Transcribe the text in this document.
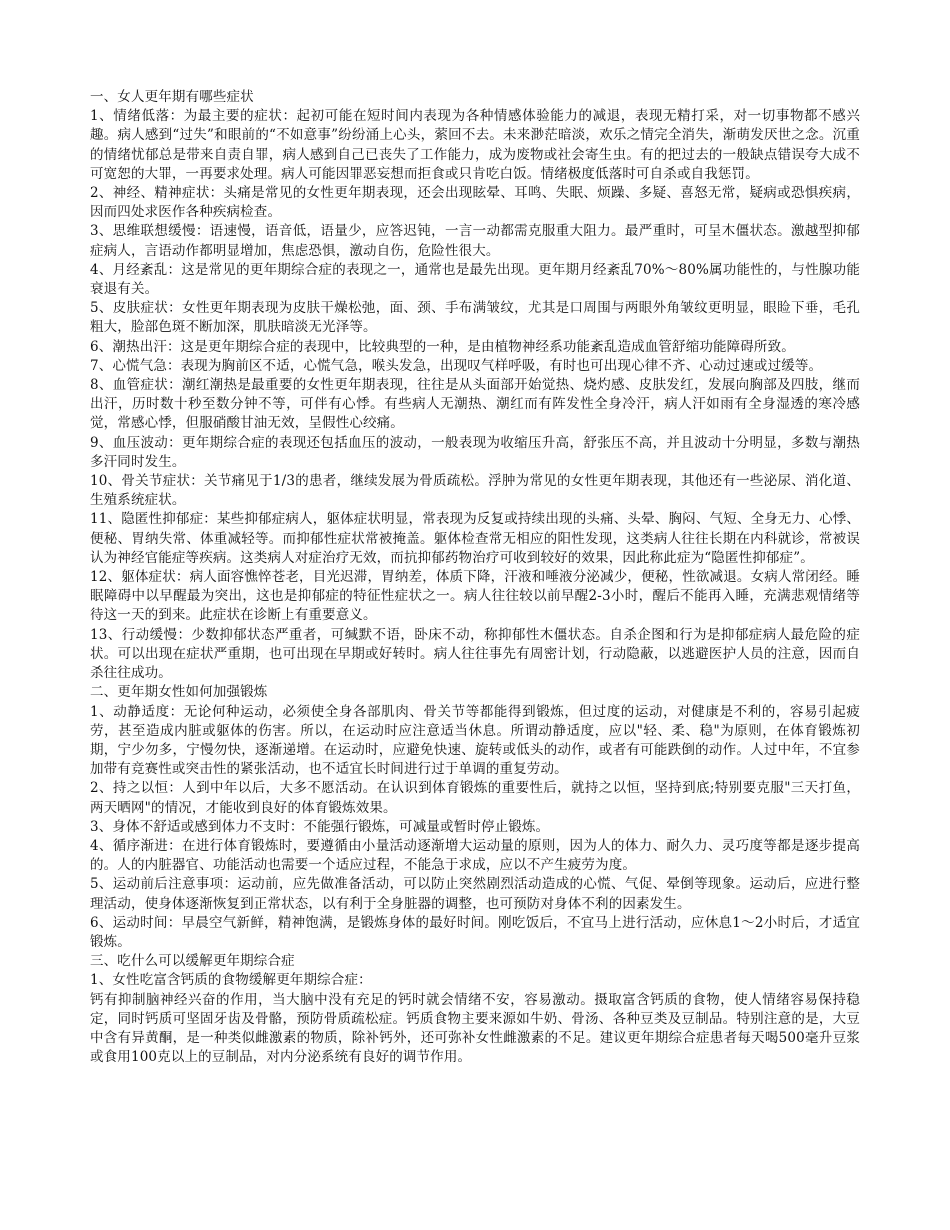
一、女人更年期有哪些症状

1、情绪低落：为最主要的症状：起初可能在短时间内表现为各种情感体验能力的减退，表现无精打采，对一切事物都不感兴趣。病人感到“过失”和眼前的“不如意事”纷纷涌上心头，萦回不去。未来渺茫暗淡，欢乐之情完全消失，渐萌发厌世之念。沉重的情绪忧郁总是带来自责自罪，病人感到自己已丧失了工作能力，成为废物或社会寄生虫。有的把过去的一般缺点错误夸大成不可宽恕的大罪，一再要求处理。病人可能因罪恶妄想而拒食或只肯吃白饭。情绪极度低落时可自杀或自我惩罚。

2、神经、精神症状：头痛是常见的女性更年期表现，还会出现眩晕、耳鸣、失眠、烦躁、多疑、喜怒无常，疑病或恐惧疾病，因而四处求医作各种疾病检查。

3、思维联想缓慢：语速慢，语音低，语量少，应答迟钝，一言一动都需克服重大阻力。最严重时，可呈木僵状态。激越型抑郁症病人，言语动作都明显增加，焦虑恐惧，激动自伤，危险性很大。

4、月经紊乱：这是常见的更年期综合症的表现之一，通常也是最先出现。更年期月经紊乱70%～80%属功能性的，与性腺功能衰退有关。

5、皮肤症状：女性更年期表现为皮肤干燥松弛，面、颈、手布满皱纹，尤其是口周围与两眼外角皱纹更明显，眼睑下垂，毛孔粗大，脸部色斑不断加深，肌肤暗淡无光泽等。

6、潮热出汗：这是更年期综合症的表现中，比较典型的一种，是由植物神经系功能紊乱造成血管舒缩功能障碍所致。

7、心慌气急：表现为胸前区不适，心慌气急，喉头发急，出现叹气样呼吸，有时也可出现心律不齐、心动过速或过缓等。

8、血管症状：潮红潮热是最重要的女性更年期表现，往往是从头面部开始觉热、烧灼感、皮肤发红，发展向胸部及四肢，继而出汗，历时数十秒至数分钟不等，可伴有心悸。有些病人无潮热、潮红而有阵发性全身冷汗，病人汗如雨有全身湿透的寒冷感觉，常感心悸，但服硝酸甘油无效，呈假性心绞痛。

9、血压波动：更年期综合症的表现还包括血压的波动，一般表现为收缩压升高，舒张压不高，并且波动十分明显，多数与潮热多汗同时发生。

10、骨关节症状：关节痛见于1/3的患者，继续发展为骨质疏松。浮肿为常见的女性更年期表现，其他还有一些泌尿、消化道、生殖系统症状。

11、隐匿性抑郁症：某些抑郁症病人，躯体症状明显，常表现为反复或持续出现的头痛、头晕、胸闷、气短、全身无力、心悸、便秘、胃纳失常、体重减轻等。而抑郁性症状常被掩盖。躯体检查常无相应的阳性发现，这类病人往往长期在内科就诊，常被误认为神经官能症等疾病。这类病人对症治疗无效，而抗抑郁药物治疗可收到较好的效果，因此称此症为“隐匿性抑郁症”。

12、躯体症状：病人面容憔悴苍老，目光迟滞，胃纳差，体质下降，汗液和唾液分泌减少，便秘，性欲减退。女病人常闭经。睡眠障碍中以早醒最为突出，这也是抑郁症的特征性症状之一。病人往往较以前早醒2-3小时，醒后不能再入睡，充满悲观情绪等待这一天的到来。此症状在诊断上有重要意义。

13、行动缓慢：少数抑郁状态严重者，可缄默不语，卧床不动，称抑郁性木僵状态。自杀企图和行为是抑郁症病人最危险的症状。可以出现在症状严重期，也可出现在早期或好转时。病人往往事先有周密计划，行动隐蔽，以逃避医护人员的注意，因而自杀往往成功。

二、更年期女性如何加强锻炼

1、动静适度：无论何种运动，必须使全身各部肌肉、骨关节等都能得到锻炼，但过度的运动，对健康是不利的，容易引起疲劳，甚至造成内脏或躯体的伤害。所以，在运动时应注意适当休息。所谓动静适度，应以"轻、柔、稳"为原则，在体育锻炼初期，宁少勿多，宁慢勿快，逐渐递增。在运动时，应避免快速、旋转或低头的动作，或者有可能跌倒的动作。人过中年，不宜参加带有竞赛性或突击性的紧张活动，也不适宜长时间进行过于单调的重复劳动。

2、持之以恒：人到中年以后，大多不愿活动。在认识到体育锻炼的重要性后，就持之以恒，坚持到底;特别要克服"三天打鱼，两天晒网"的情况，才能收到良好的体育锻炼效果。

3、身体不舒适或感到体力不支时：不能强行锻炼，可减量或暂时停止锻炼。

4、循序渐进：在进行体育锻炼时，要遵循由小量活动逐渐增大运动量的原则，因为人的体力、耐久力、灵巧度等都是逐步提高的。人的内脏器官、功能活动也需要一个适应过程，不能急于求成，应以不产生疲劳为度。

5、运动前后注意事项：运动前，应先做准备活动，可以防止突然剧烈活动造成的心慌、气促、晕倒等现象。运动后，应进行整理活动，使身体逐渐恢复到正常状态，以有利于全身脏器的调整，也可预防对身体不利的因素发生。

6、运动时间：早晨空气新鲜，精神饱满，是锻炼身体的最好时间。刚吃饭后，不宜马上进行活动，应休息1～2小时后，才适宜锻炼。

三、吃什么可以缓解更年期综合症

1、女性吃富含钙质的食物缓解更年期综合症：

钙有抑制脑神经兴奋的作用，当大脑中没有充足的钙时就会情绪不安，容易激动。摄取富含钙质的食物，使人情绪容易保持稳定，同时钙质可坚固牙齿及骨骼，预防骨质疏松症。钙质食物主要来源如牛奶、骨汤、各种豆类及豆制品。特别注意的是，大豆中含有异黄酮，是一种类似雌激素的物质，除补钙外，还可弥补女性雌激素的不足。建议更年期综合症患者每天喝500毫升豆浆或食用100克以上的豆制品，对内分泌系统有良好的调节作用。
